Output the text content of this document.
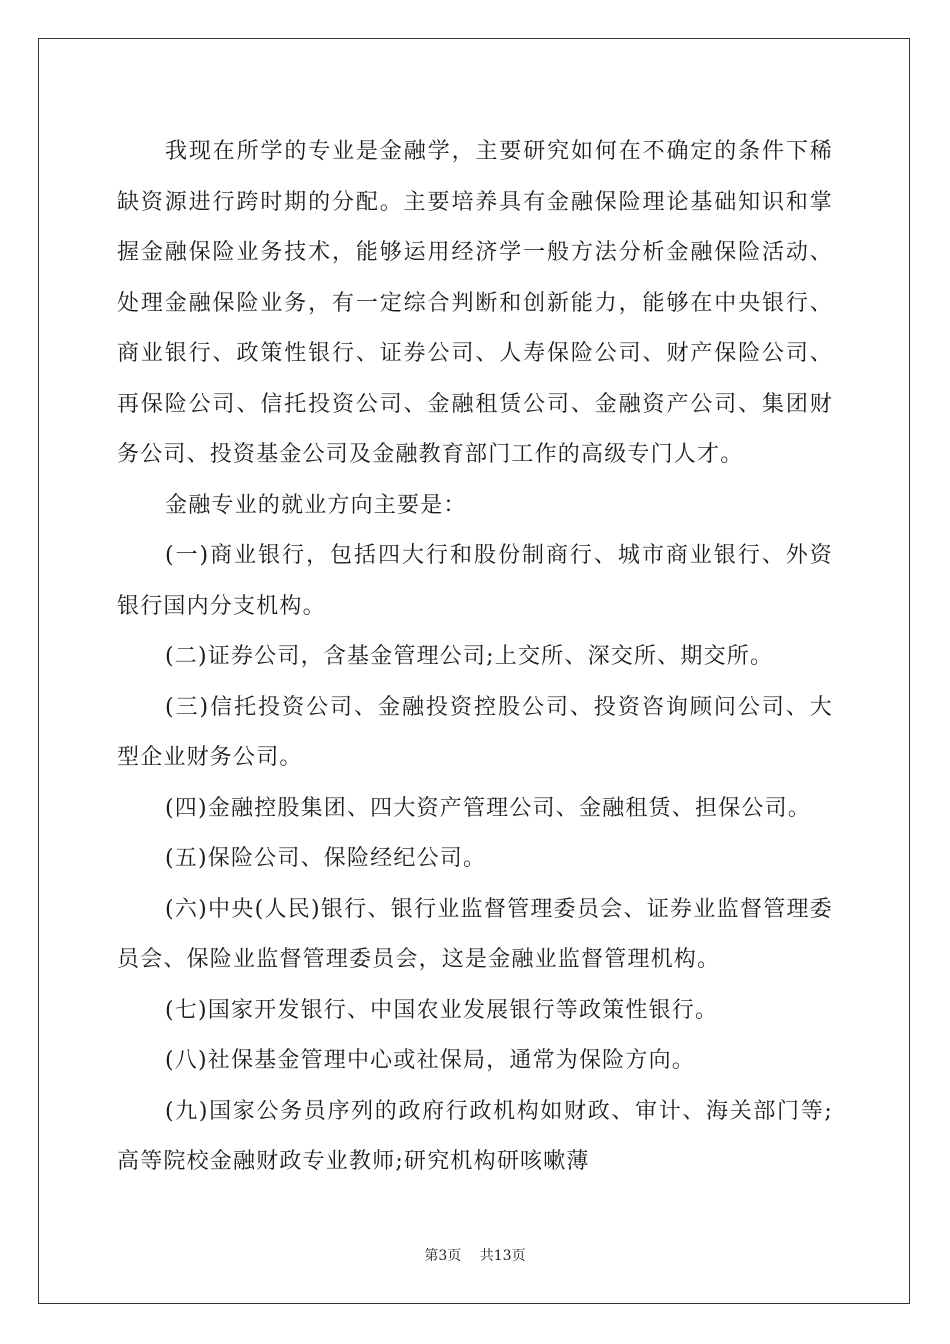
我现在所学的专业是金融学，主要研究如何在不确定的条件下稀缺资源进行跨时期的分配。主要培养具有金融保险理论基础知识和掌握金融保险业务技术，能够运用经济学一般方法分析金融保险活动、处理金融保险业务，有一定综合判断和创新能力，能够在中央银行、商业银行、政策性银行、证券公司、人寿保险公司、财产保险公司、再保险公司、信托投资公司、金融租赁公司、金融资产公司、集团财务公司、投资基金公司及金融教育部门工作的高级专门人才。

金融专业的就业方向主要是：

(一)商业银行，包括四大行和股份制商行、城市商业银行、外资银行国内分支机构。

(二)证券公司，含基金管理公司;上交所、深交所、期交所。

(三)信托投资公司、金融投资控股公司、投资咨询顾问公司、大型企业财务公司。

(四)金融控股集团、四大资产管理公司、金融租赁、担保公司。

(五)保险公司、保险经纪公司。

(六)中央(人民)银行、银行业监督管理委员会、证券业监督管理委员会、保险业监督管理委员会，这是金融业监督管理机构。

(七)国家开发银行、中国农业发展银行等政策性银行。

(八)社保基金管理中心或社保局，通常为保险方向。

(九)国家公务员序列的政府行政机构如财政、审计、海关部门等;高等院校金融财政专业教师;研究机构研咳嗽薄

第3页 共13页
